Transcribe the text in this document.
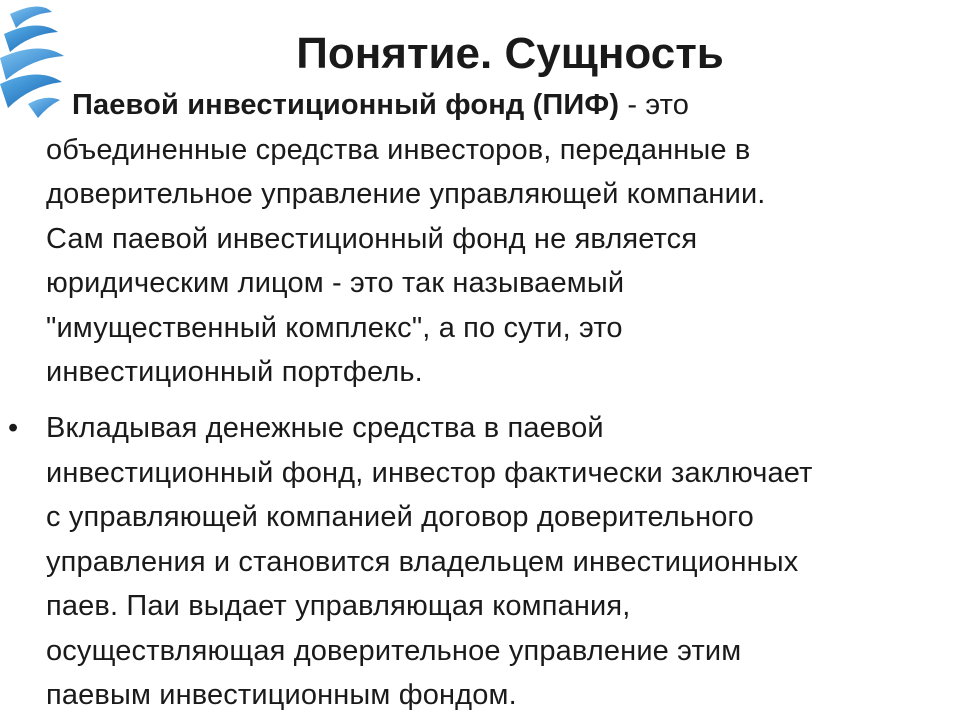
Понятие. Сущность

Паевой инвестиционный фонд (ПИФ) - это
объединенные средства инвесторов, переданные в
доверительное управление управляющей компании.
Сам паевой инвестиционный фонд не является
юридическим лицом - это так называемый
"имущественный комплекс", а по сути, это
инвестиционный портфель.

• Вкладывая денежные средства в паевой
инвестиционный фонд, инвестор фактически заключает
с управляющей компанией договор доверительного
управления и становится владельцем инвестиционных
паев. Паи выдает управляющая компания,
осуществляющая доверительное управление этим
паевым инвестиционным фондом.
